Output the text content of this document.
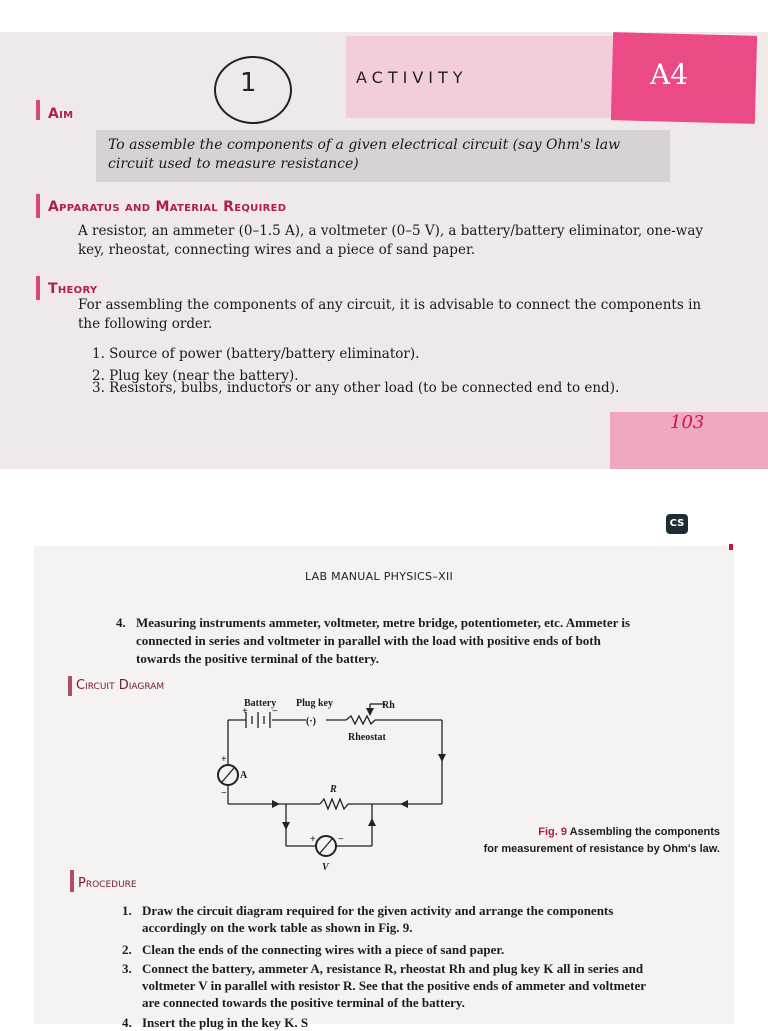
1	ACTIVITY	A4
Aim
To assemble the components of a given electrical circuit (say Ohm's law circuit used to measure resistance)
Apparatus and Material Required
A resistor, an ammeter (0–1.5 A), a voltmeter (0–5 V), a battery/battery eliminator, one-way key, rheostat, connecting wires and a piece of sand paper.
Theory
For assembling the components of any circuit, it is advisable to connect the components in the following order.
1. Source of power (battery/battery eliminator).
2. Plug key (near the battery).
3. Resistors, bulbs, inductors or any other load (to be connected end to end).
103
CS
LAB MANUAL PHYSICS–XII
4. Measuring instruments ammeter, voltmeter, metre bridge, potentiometer, etc. Ammeter is
connected in series and voltmeter in parallel with the load with positive ends of both
towards the positive terminal of the battery.
Circuit Diagram
Battery Plug key
(·)
Rh
Rheostat
A
R
V
+ −
+
−
+ −
Fig. 9 Assembling the components
for measurement of resistance by Ohm's law.
Procedure
1. Draw the circuit diagram required for the given activity and arrange the components
accordingly on the work table as shown in Fig. 9.
2. Clean the ends of the connecting wires with a piece of sand paper.
3. Connect the battery, ammeter A, resistance R, rheostat Rh and plug key K all in series and
voltmeter V in parallel with resistor R. See that the positive ends of ammeter and voltmeter
are connected towards the positive terminal of the battery.
4. Insert the plug in the key K. S
